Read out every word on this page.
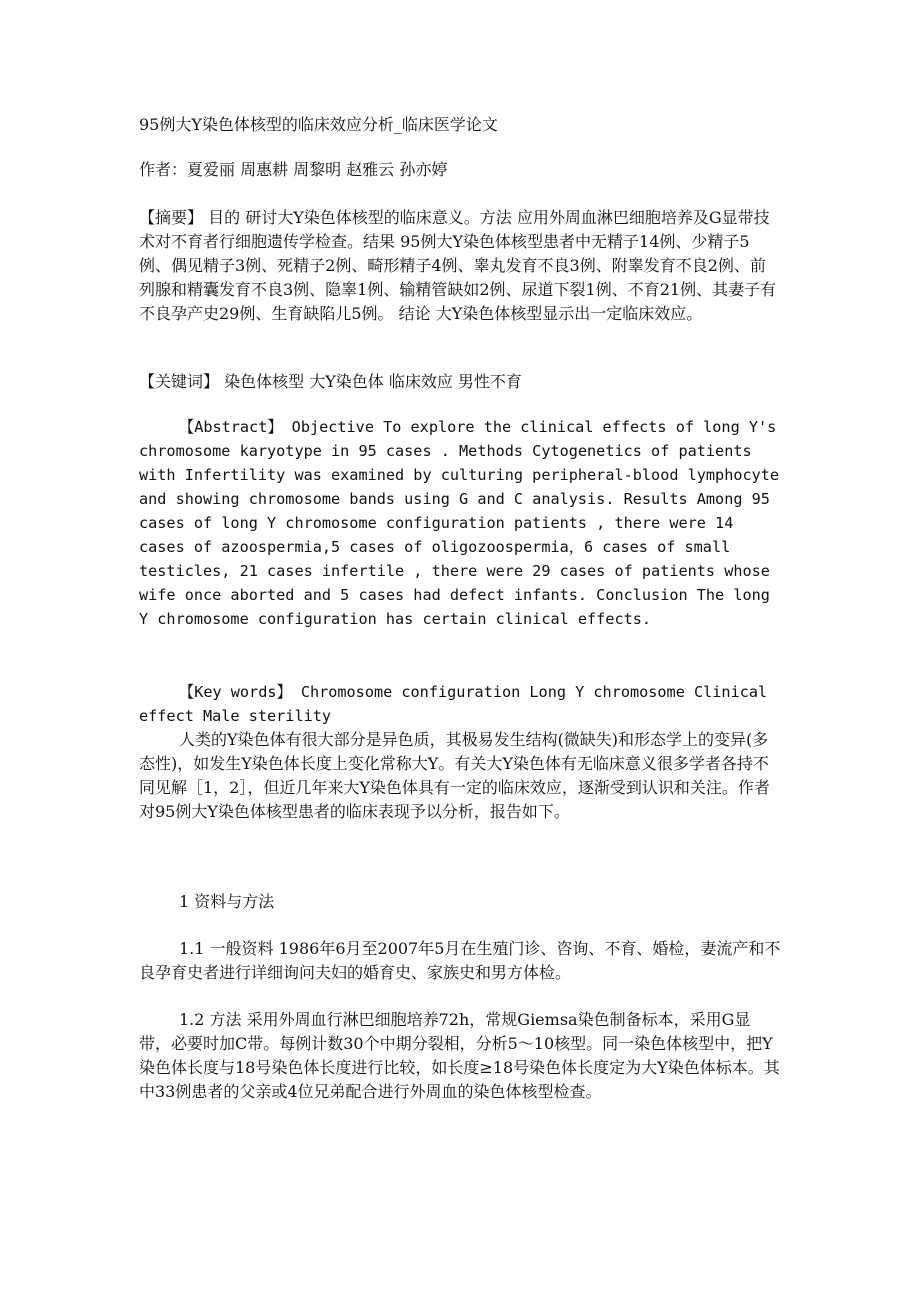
95例大Y染色体核型的临床效应分析_临床医学论文

作者：夏爱丽 周惠耕 周黎明 赵雅云 孙亦婷

【摘要】 目的 研讨大Y染色体核型的临床意义。方法 应用外周血淋巴细胞培养及G显带技术对不育者行细胞遗传学检查。结果 95例大Y染色体核型患者中无精子14例、少精子5例、偶见精子3例、死精子2例、畸形精子4例、睾丸发育不良3例、附睾发育不良2例、前列腺和精囊发育不良3例、隐睾1例、输精管缺如2例、尿道下裂1例、不育21例、其妻子有不良孕产史29例、生育缺陷儿5例。 结论 大Y染色体核型显示出一定临床效应。

【关键词】 染色体核型 大Y染色体 临床效应 男性不育

【Abstract】 Objective To explore the clinical effects of long Y's chromosome karyotype in 95 cases . Methods Cytogenetics of patients with Infertility was examined by culturing peripheral-blood lymphocyte and showing chromosome bands using G and C analysis. Results Among 95 cases of long Y chromosome configuration patients , there were 14 cases of azoospermia,5 cases of oligozoospermia，6 cases of small testicles, 21 cases infertile , there were 29 cases of patients whose wife once aborted and 5 cases had defect infants. Conclusion The long Y chromosome configuration has certain clinical effects.

【Key words】 Chromosome configuration Long Y chromosome Clinical effect Male sterility

人类的Y染色体有很大部分是异色质，其极易发生结构(微缺失)和形态学上的变异(多态性)，如发生Y染色体长度上变化常称大Y。有关大Y染色体有无临床意义很多学者各持不同见解［1，2］，但近几年来大Y染色体具有一定的临床效应，逐渐受到认识和关注。作者对95例大Y染色体核型患者的临床表现予以分析，报告如下。

1 资料与方法

1.1 一般资料 1986年6月至2007年5月在生殖门诊、咨询、不育、婚检，妻流产和不良孕育史者进行详细询问夫妇的婚育史、家族史和男方体检。

1.2 方法 采用外周血行淋巴细胞培养72h，常规Giemsa染色制备标本，采用G显带，必要时加C带。每例计数30个中期分裂相，分析5～10核型。同一染色体核型中，把Y染色体长度与18号染色体长度进行比较，如长度≥18号染色体长度定为大Y染色体标本。其中33例患者的父亲或4位兄弟配合进行外周血的染色体核型检查。
